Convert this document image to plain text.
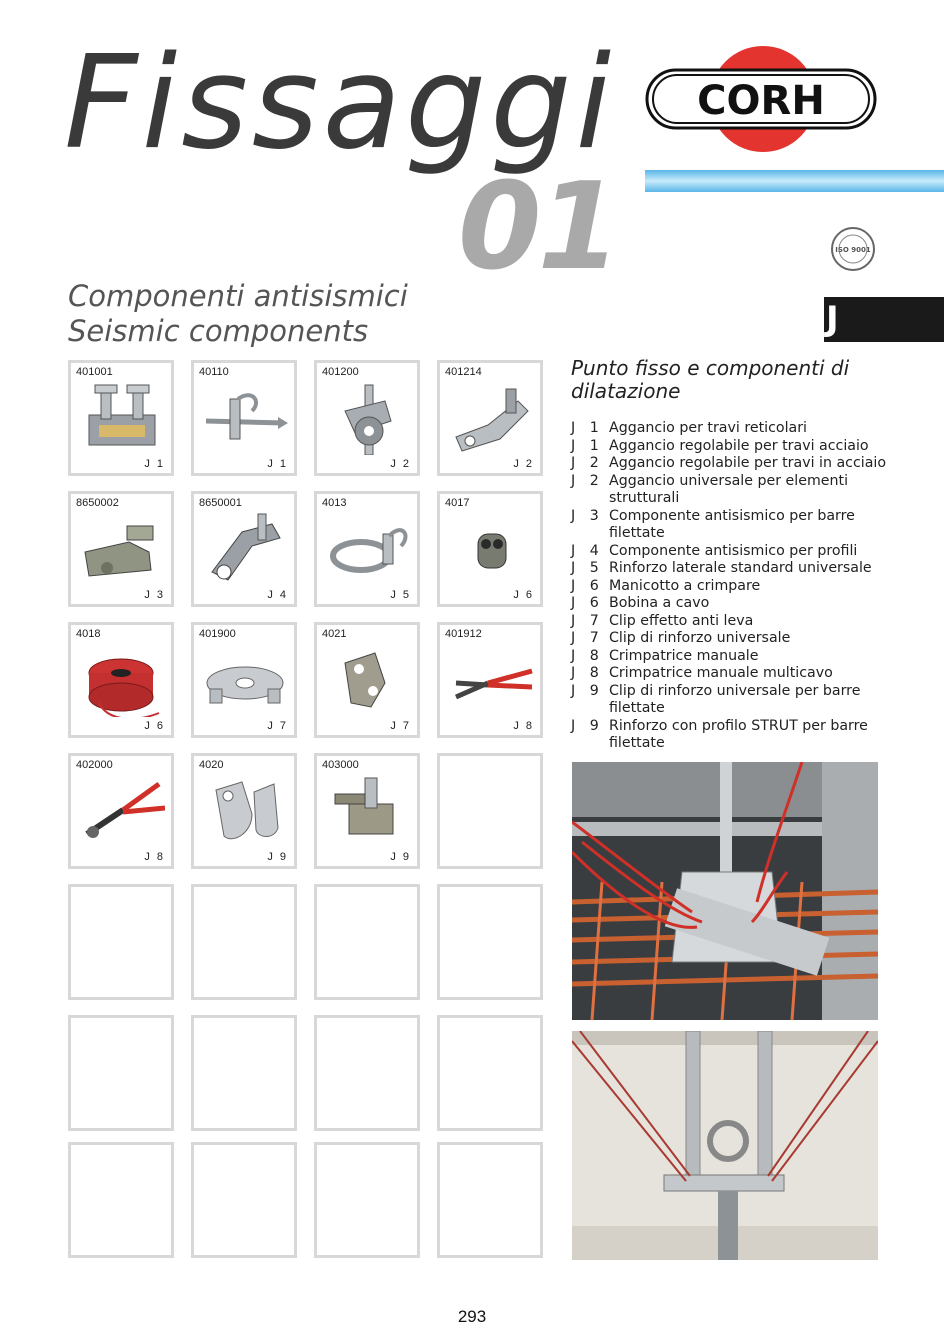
Fissaggi
01
CORH
ISO 9001

Componenti antisismici

Seismic components	J
401001
J 1
40110
J 1
401200
J 2
401214
J 2
8650002
J 3
8650001
J 4
4013
J 5
4017
J 6
4018
J 6
401900
J 7
4021
J 7
401912
J 8
402000
J 8
4020
J 9
403000
J 9
Punto fisso e componenti di dilatazione
J 1 Aggancio per travi reticolari
J 1 Aggancio regolabile per travi acciaio
J 2 Aggancio regolabile per travi in acciaio
J 2 Aggancio universale per elementi strutturali
J 3 Componente antisismico per barre filettate
J 4 Componente antisismico per profili
J 5 Rinforzo laterale standard universale
J 6 Manicotto a crimpare
J 6 Bobina a cavo
J 7 Clip effetto anti leva
J 7 Clip di rinforzo universale
J 8 Crimpatrice manuale
J 8 Crimpatrice manuale multicavo
J 9 Clip di rinforzo universale per barre filettate
J 9 Rinforzo con profilo STRUT per barre filettate
293
